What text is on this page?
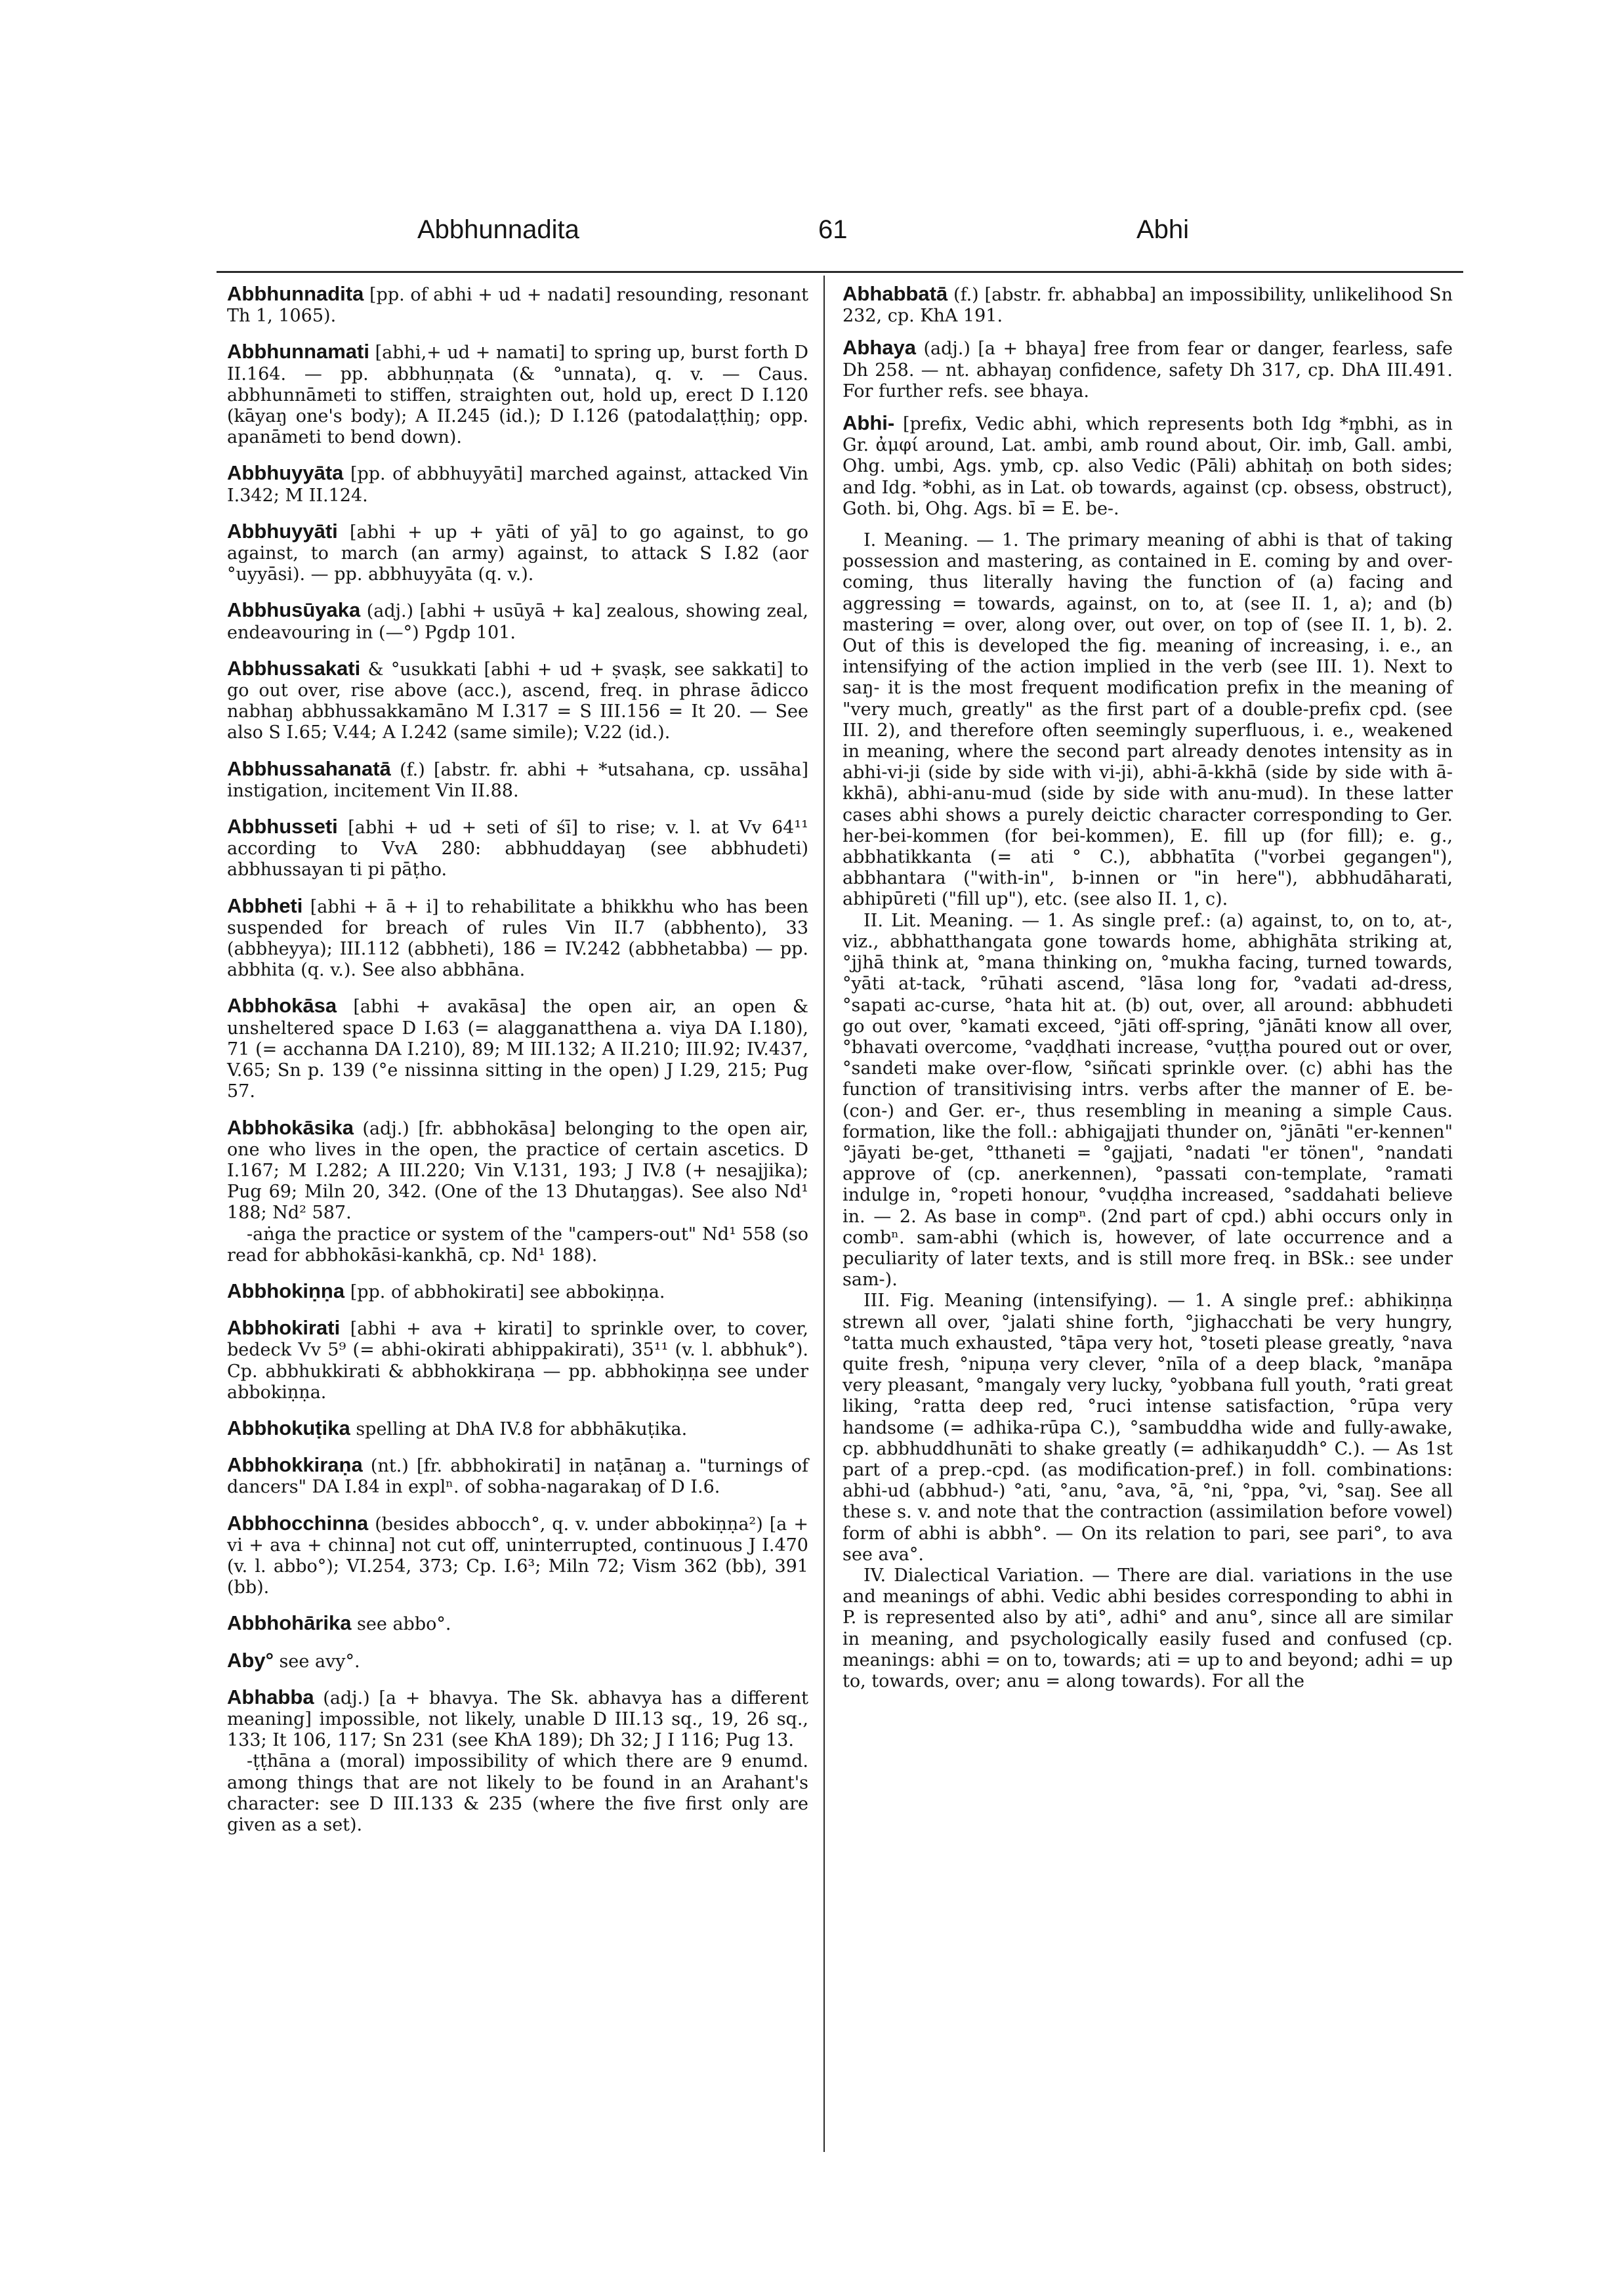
Abbhunnadita	61	Abhi

Abbhunnadita [pp. of abhi + ud + nadati] resounding, resonant Th 1, 1065).

Abbhunnamati [abhi,+ ud + namati] to spring up, burst forth D II.164. — pp. abbhuṇṇata (& °unnata), q. v. — Caus. abbhunnāmeti to stiffen, straighten out, hold up, erect D I.120 (kāyaŋ one's body); A II.245 (id.); D I.126 (patodalaṭṭhiŋ; opp. apanāmeti to bend down).

Abbhuyyāta [pp. of abbhuyyāti] marched against, attacked Vin I.342; M II.124.

Abbhuyyāti [abhi + up + yāti of yā] to go against, to go against, to march (an army) against, to attack S I.82 (aor °uyyāsi). — pp. abbhuyyāta (q. v.).

Abbhusūyaka (adj.) [abhi + usūyā + ka] zealous, showing zeal, endeavouring in (—°) Pgdp 101.

Abbhussakati & °usukkati [abhi + ud + ṣvaṣk, see sakkati] to go out over, rise above (acc.), ascend, freq. in phrase ādicco nabhaŋ abbhussakkamāno M I.317 = S III.156 = It 20. — See also S I.65; V.44; A I.242 (same simile); V.22 (id.).

Abbhussahanatā (f.) [abstr. fr. abhi + *utsahana, cp. ussāha] instigation, incitement Vin II.88.

Abbhusseti [abhi + ud + seti of śī] to rise; v. l. at Vv 64¹¹ according to VvA 280: abbhuddayaŋ (see abbhudeti) abbhussayan ti pi pāṭho.

Abbheti [abhi + ā + i] to rehabilitate a bhikkhu who has been suspended for breach of rules Vin II.7 (abbhento), 33 (abbheyya); III.112 (abbheti), 186 = IV.242 (abbhetabba) — pp. abbhita (q. v.). See also abbhāna.

Abbhokāsa [abhi + avakāsa] the open air, an open & unsheltered space D I.63 (= alagganatthena a. viya DA I.180), 71 (= acchanna DA I.210), 89; M III.132; A II.210; III.92; IV.437, V.65; Sn p. 139 (°e nissinna sitting in the open) J I.29, 215; Pug 57.

Abbhokāsika (adj.) [fr. abbhokāsa] belonging to the open air, one who lives in the open, the practice of certain ascetics. D I.167; M I.282; A III.220; Vin V.131, 193; J IV.8 (+ nesajjika); Pug 69; Miln 20, 342. (One of the 13 Dhutaŋgas). See also Nd¹ 188; Nd² 587.

-aṅga the practice or system of the "campers-out" Nd¹ 558 (so read for abbhokāsi-kankhā, cp. Nd¹ 188).

Abbhokiṇṇa [pp. of abbhokirati] see abbokiṇṇa.

Abbhokirati [abhi + ava + kirati] to sprinkle over, to cover, bedeck Vv 5⁹ (= abhi-okirati abhippakirati), 35¹¹ (v. l. abbhuk°). Cp. abbhukkirati & abbhokkiraṇa — pp. abbhokiṇṇa see under abbokiṇṇa.

Abbhokuṭika spelling at DhA IV.8 for abbhākuṭika.

Abbhokkiraṇa (nt.) [fr. abbhokirati] in naṭānaŋ a. "turnings of dancers" DA I.84 in explⁿ. of sobha-nagarakaŋ of D I.6.

Abbhocchinna (besides abbocch°, q. v. under abbokiṇṇa²) [a + vi + ava + chinna] not cut off, uninterrupted, continuous J I.470 (v. l. abbo°); VI.254, 373; Cp. I.6³; Miln 72; Vism 362 (bb), 391 (bb).

Abbhohārika see abbo°.

Aby° see avy°.

Abhabba (adj.) [a + bhavya. The Sk. abhavya has a different meaning] impossible, not likely, unable D III.13 sq., 19, 26 sq., 133; It 106, 117; Sn 231 (see KhA 189); Dh 32; J I 116; Pug 13.

-ṭṭhāna a (moral) impossibility of which there are 9 enumd. among things that are not likely to be found in an Arahant's character: see D III.133 & 235 (where the five first only are given as a set).

Abhabbatā (f.) [abstr. fr. abhabba] an impossibility, unlikelihood Sn 232, cp. KhA 191.

Abhaya (adj.) [a + bhaya] free from fear or danger, fearless, safe Dh 258. — nt. abhayaŋ confidence, safety Dh 317, cp. DhA III.491. For further refs. see bhaya.

Abhi- [prefix, Vedic abhi, which represents both Idg *m̥bhi, as in Gr. ἀμφί around, Lat. ambi, amb round about, Oir. imb, Gall. ambi, Ohg. umbi, Ags. ymb, cp. also Vedic (Pāli) abhitaḥ on both sides; and Idg. *obhi, as in Lat. ob towards, against (cp. obsess, obstruct), Goth. bi, Ohg. Ags. bī = E. be-.

I. Meaning. — 1. The primary meaning of abhi is that of taking possession and mastering, as contained in E. coming by and over-coming, thus literally having the function of (a) facing and aggressing = towards, against, on to, at (see II. 1, a); and (b) mastering = over, along over, out over, on top of (see II. 1, b). 2. Out of this is developed the fig. meaning of increasing, i. e., an intensifying of the action implied in the verb (see III. 1). Next to saŋ- it is the most frequent modification prefix in the meaning of "very much, greatly" as the first part of a double-prefix cpd. (see III. 2), and therefore often seemingly superfluous, i. e., weakened in meaning, where the second part already denotes intensity as in abhi-vi-ji (side by side with vi-ji), abhi-ā-kkhā (side by side with ā-kkhā), abhi-anu-mud (side by side with anu-mud). In these latter cases abhi shows a purely deictic character corresponding to Ger. her-bei-kommen (for bei-kommen), E. fill up (for fill); e. g., abbhatikkanta (= ati ° C.), abbhatīta ("vorbei gegangen"), abbhantara ("with-in", b-innen or "in here"), abbhudāharati, abhipūreti ("fill up"), etc. (see also II. 1, c).

II. Lit. Meaning. — 1. As single pref.: (a) against, to, on to, at-, viz., abbhatthangata gone towards home, abhighāta striking at, °jjhā think at, °mana thinking on, °mukha facing, turned towards, °yāti at-tack, °rūhati ascend, °lāsa long for, °vadati ad-dress, °sapati ac-curse, °hata hit at. (b) out, over, all around: abbhudeti go out over, °kamati exceed, °jāti off-spring, °jānāti know all over, °bhavati overcome, °vaḍḍhati increase, °vuṭṭha poured out or over, °sandeti make over-flow, °siñcati sprinkle over. (c) abhi has the function of transitivising intrs. verbs after the manner of E. be- (con-) and Ger. er-, thus resembling in meaning a simple Caus. formation, like the foll.: abhigajjati thunder on, °jānāti "er-kennen" °jāyati be-get, °tthaneti = °gajjati, °nadati "er tönen", °nandati approve of (cp. anerkennen), °passati con-template, °ramati indulge in, °ropeti honour, °vuḍḍha increased, °saddahati believe in. — 2. As base in compⁿ. (2nd part of cpd.) abhi occurs only in combⁿ. sam-abhi (which is, however, of late occurrence and a peculiarity of later texts, and is still more freq. in BSk.: see under sam-).

III. Fig. Meaning (intensifying). — 1. A single pref.: abhikiṇṇa strewn all over, °jalati shine forth, °jighacchati be very hungry, °tatta much exhausted, °tāpa very hot, °toseti please greatly, °nava quite fresh, °nipuṇa very clever, °nīla of a deep black, °manāpa very pleasant, °mangaly very lucky, °yobbana full youth, °rati great liking, °ratta deep red, °ruci intense satisfaction, °rūpa very handsome (= adhika-rūpa C.), °sambuddha wide and fully-awake, cp. abbhuddhunāti to shake greatly (= adhikaŋuddh° C.). — As 1st part of a prep.-cpd. (as modification-pref.) in foll. combinations: abhi-ud (abbhud-) °ati, °anu, °ava, °ā, °ni, °ppa, °vi, °saŋ. See all these s. v. and note that the contraction (assimilation before vowel) form of abhi is abbh°. — On its relation to pari, see pari°, to ava see ava°.

IV. Dialectical Variation. — There are dial. variations in the use and meanings of abhi. Vedic abhi besides corresponding to abhi in P. is represented also by ati°, adhi° and anu°, since all are similar in meaning, and psychologically easily fused and confused (cp. meanings: abhi = on to, towards; ati = up to and beyond; adhi = up to, towards, over; anu = along towards). For all the
